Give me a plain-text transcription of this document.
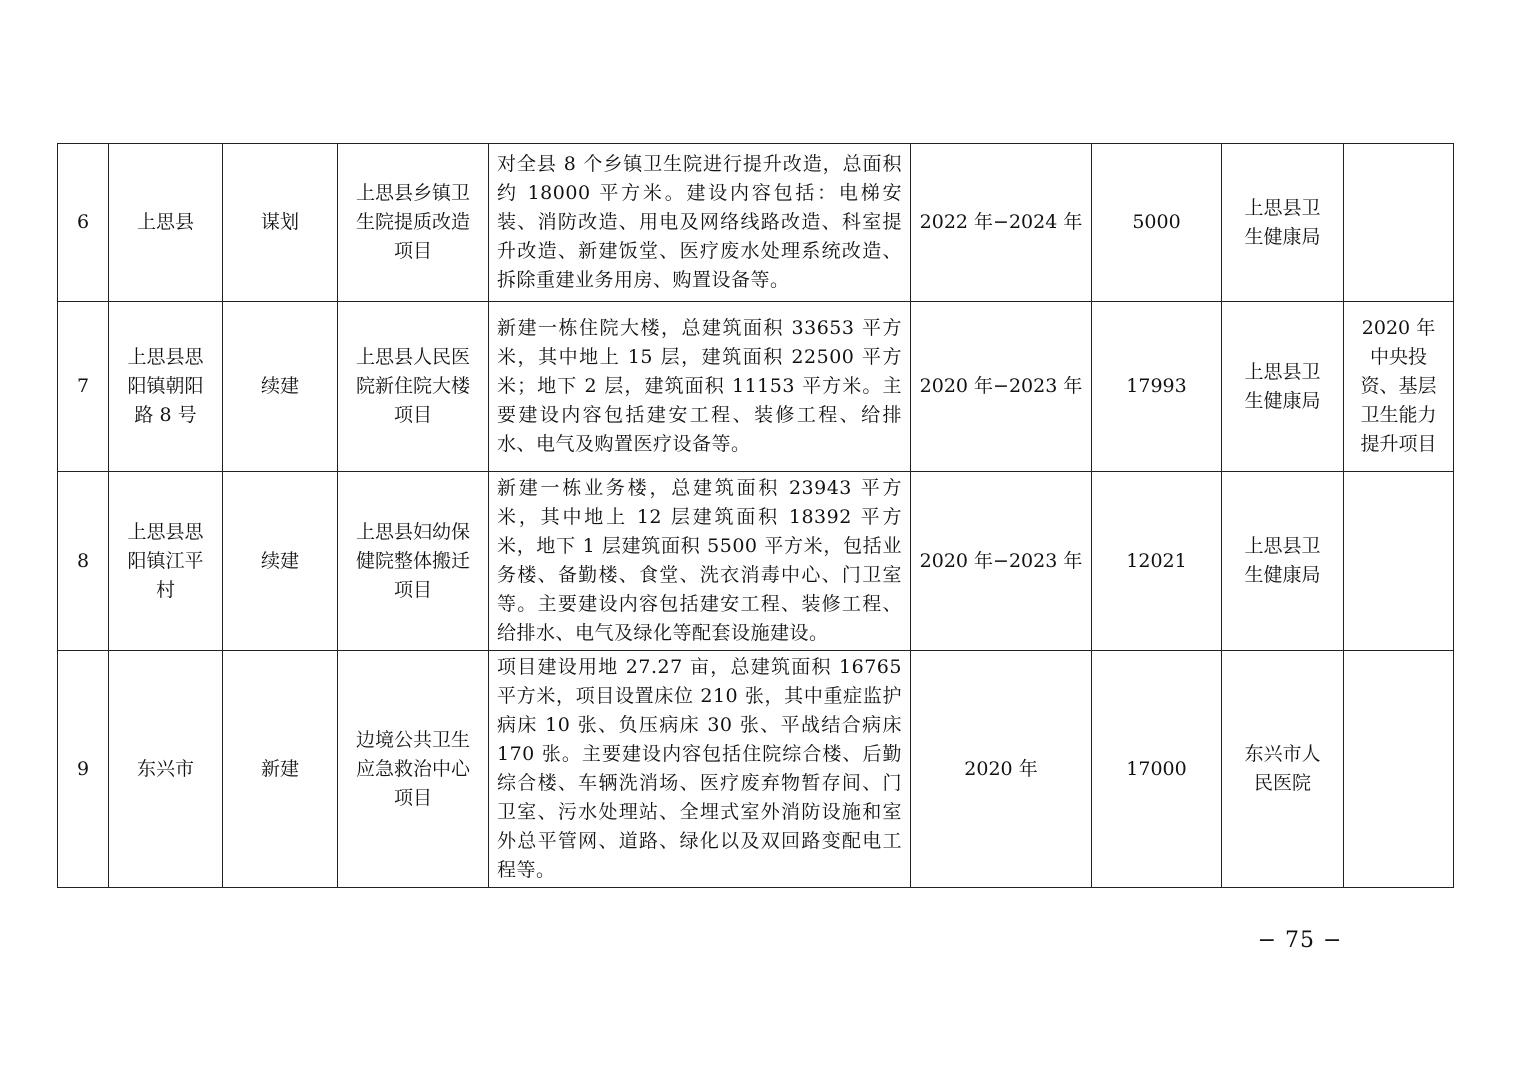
6	上思县	谋划	上思县乡镇卫生院提质改造项目	对全县 8 个乡镇卫生院进行提升改造，总面积约 18000 平方米。建设内容包括：电梯安装、消防改造、用电及网络线路改造、科室提升改造、新建饭堂、医疗废水处理系统改造、拆除重建业务用房、购置设备等。	2022 年−2024 年	5000	上思县卫生健康局	
7	上思县思阳镇朝阳路 8 号	续建	上思县人民医院新住院大楼项目	新建一栋住院大楼，总建筑面积 33653 平方米，其中地上 15 层，建筑面积 22500 平方米；地下 2 层，建筑面积 11153 平方米。主要建设内容包括建安工程、装修工程、给排水、电气及购置医疗设备等。	2020 年−2023 年	17993	上思县卫生健康局	2020 年中央投资、基层卫生能力提升项目
8	上思县思阳镇江平村	续建	上思县妇幼保健院整体搬迁项目	新建一栋业务楼，总建筑面积 23943 平方米，其中地上 12 层建筑面积 18392 平方米，地下 1 层建筑面积 5500 平方米，包括业务楼、备勤楼、食堂、洗衣消毒中心、门卫室等。主要建设内容包括建安工程、装修工程、给排水、电气及绿化等配套设施建设。	2020 年−2023 年	12021	上思县卫生健康局	
9	东兴市	新建	边境公共卫生应急救治中心项目	项目建设用地 27.27 亩，总建筑面积 16765 平方米，项目设置床位 210 张，其中重症监护病床 10 张、负压病床 30 张、平战结合病床 170 张。主要建设内容包括住院综合楼、后勤综合楼、车辆洗消场、医疗废弃物暂存间、门卫室、污水处理站、全埋式室外消防设施和室外总平管网、道路、绿化以及双回路变配电工程等。	2020 年	17000	东兴市人民医院	
− 75 −
